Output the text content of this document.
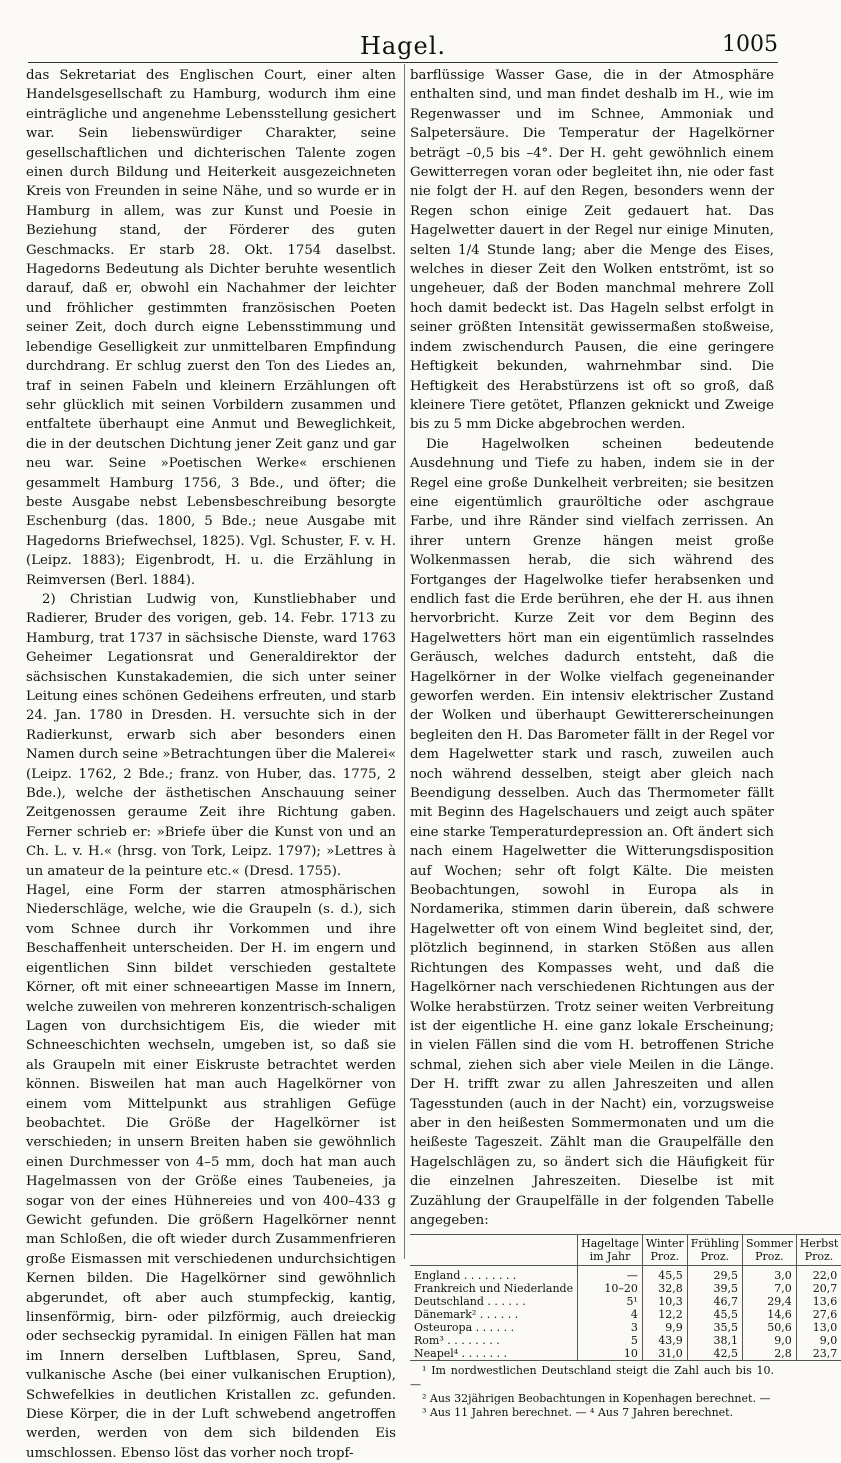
Hagel.	1005

das Sekretariat des Englischen Court, einer alten Handelsgesellschaft zu Hamburg, wodurch ihm eine einträgliche und angenehme Lebensstellung gesichert war. Sein liebenswürdiger Charakter, seine gesellschaftlichen und dichterischen Talente zogen einen durch Bildung und Heiterkeit ausgezeichneten Kreis von Freunden in seine Nähe, und so wurde er in Hamburg in allem, was zur Kunst und Poesie in Beziehung stand, der Förderer des guten Geschmacks. Er starb 28. Okt. 1754 daselbst. Hagedorns Bedeutung als Dichter beruhte wesentlich darauf, daß er, obwohl ein Nachahmer der leichter und fröhlicher gestimmten französischen Poeten seiner Zeit, doch durch eigne Lebensstimmung und lebendige Geselligkeit zur unmittelbaren Empfindung durchdrang. Er schlug zuerst den Ton des Liedes an, traf in seinen Fabeln und kleinern Erzählungen oft sehr glücklich mit seinen Vorbildern zusammen und entfaltete überhaupt eine Anmut und Beweglichkeit, die in der deutschen Dichtung jener Zeit ganz und gar neu war. Seine »Poetischen Werke« erschienen gesammelt Hamburg 1756, 3 Bde., und öfter; die beste Ausgabe nebst Lebensbeschreibung besorgte Eschenburg (das. 1800, 5 Bde.; neue Ausgabe mit Hagedorns Briefwechsel, 1825). Vgl. Schuster, F. v. H. (Leipz. 1883); Eigenbrodt, H. u. die Erzählung in Reimversen (Berl. 1884).

2) Christian Ludwig von, Kunstliebhaber und Radierer, Bruder des vorigen, geb. 14. Febr. 1713 zu Hamburg, trat 1737 in sächsische Dienste, ward 1763 Geheimer Legationsrat und Generaldirektor der sächsischen Kunstakademien, die sich unter seiner Leitung eines schönen Gedeihens erfreuten, und starb 24. Jan. 1780 in Dresden. H. versuchte sich in der Radierkunst, erwarb sich aber besonders einen Namen durch seine »Betrachtungen über die Malerei« (Leipz. 1762, 2 Bde.; franz. von Huber, das. 1775, 2 Bde.), welche der ästhetischen Anschauung seiner Zeitgenossen geraume Zeit ihre Richtung gaben. Ferner schrieb er: »Briefe über die Kunst von und an Ch. L. v. H.« (hrsg. von Tork, Leipz. 1797); »Lettres à un amateur de la peinture etc.« (Dresd. 1755).

Hagel, eine Form der starren atmosphärischen Niederschläge, welche, wie die Graupeln (s. d.), sich vom Schnee durch ihr Vorkommen und ihre Beschaffenheit unterscheiden. Der H. im engern und eigentlichen Sinn bildet verschieden gestaltete Körner, oft mit einer schneeartigen Masse im Innern, welche zuweilen von mehreren konzentrisch-schaligen Lagen von durchsichtigem Eis, die wieder mit Schneeschichten wechseln, umgeben ist, so daß sie als Graupeln mit einer Eiskruste betrachtet werden können. Bisweilen hat man auch Hagelkörner von einem vom Mittelpunkt aus strahligen Gefüge beobachtet. Die Größe der Hagelkörner ist verschieden; in unsern Breiten haben sie gewöhnlich einen Durchmesser von 4–5 mm, doch hat man auch Hagelmassen von der Größe eines Taubeneies, ja sogar von der eines Hühnereies und von 400–433 g Gewicht gefunden. Die größern Hagelkörner nennt man Schloßen, die oft wieder durch Zusammenfrieren große Eismassen mit verschiedenen undurchsichtigen Kernen bilden. Die Hagelkörner sind gewöhnlich abgerundet, oft aber auch stumpfeckig, kantig, linsenförmig, birn- oder pilzförmig, auch dreieckig oder sechseckig pyramidal. In einigen Fällen hat man im Innern derselben Luftblasen, Spreu, Sand, vulkanische Asche (bei einer vulkanischen Eruption), Schwefelkies in deutlichen Kristallen zc. gefunden. Diese Körper, die in der Luft schwebend angetroffen werden, werden von dem sich bildenden Eis umschlossen. Ebenso löst das vorher noch tropf-

barflüssige Wasser Gase, die in der Atmosphäre enthalten sind, und man findet deshalb im H., wie im Regenwasser und im Schnee, Ammoniak und Salpetersäure. Die Temperatur der Hagelkörner beträgt –0,5 bis –4°. Der H. geht gewöhnlich einem Gewitterregen voran oder begleitet ihn, nie oder fast nie folgt der H. auf den Regen, besonders wenn der Regen schon einige Zeit gedauert hat. Das Hagelwetter dauert in der Regel nur einige Minuten, selten 1/4 Stunde lang; aber die Menge des Eises, welches in dieser Zeit den Wolken entströmt, ist so ungeheuer, daß der Boden manchmal mehrere Zoll hoch damit bedeckt ist. Das Hageln selbst erfolgt in seiner größten Intensität gewissermaßen stoßweise, indem zwischendurch Pausen, die eine geringere Heftigkeit bekunden, wahrnehmbar sind. Die Heftigkeit des Herabstürzens ist oft so groß, daß kleinere Tiere getötet, Pflanzen geknickt und Zweige bis zu 5 mm Dicke abgebrochen werden.

Die Hagelwolken scheinen bedeutende Ausdehnung und Tiefe zu haben, indem sie in der Regel eine große Dunkelheit verbreiten; sie besitzen eine eigentümlich grauröltiche oder aschgraue Farbe, und ihre Ränder sind vielfach zerrissen. An ihrer untern Grenze hängen meist große Wolkenmassen herab, die sich während des Fortganges der Hagelwolke tiefer herabsenken und endlich fast die Erde berühren, ehe der H. aus ihnen hervorbricht. Kurze Zeit vor dem Beginn des Hagelwetters hört man ein eigentümlich rasselndes Geräusch, welches dadurch entsteht, daß die Hagelkörner in der Wolke vielfach gegeneinander geworfen werden. Ein intensiv elektrischer Zustand der Wolken und überhaupt Gewittererscheinungen begleiten den H. Das Barometer fällt in der Regel vor dem Hagelwetter stark und rasch, zuweilen auch noch während desselben, steigt aber gleich nach Beendigung desselben. Auch das Thermometer fällt mit Beginn des Hagelschauers und zeigt auch später eine starke Temperaturdepression an. Oft ändert sich nach einem Hagelwetter die Witterungsdisposition auf Wochen; sehr oft folgt Kälte. Die meisten Beobachtungen, sowohl in Europa als in Nordamerika, stimmen darin überein, daß schwere Hagelwetter oft von einem Wind begleitet sind, der, plötzlich beginnend, in starken Stößen aus allen Richtungen des Kompasses weht, und daß die Hagelkörner nach verschiedenen Richtungen aus der Wolke herabstürzen. Trotz seiner weiten Verbreitung ist der eigentliche H. eine ganz lokale Erscheinung; in vielen Fällen sind die vom H. betroffenen Striche schmal, ziehen sich aber viele Meilen in die Länge. Der H. trifft zwar zu allen Jahreszeiten und allen Tagesstunden (auch in der Nacht) ein, vorzugsweise aber in den heißesten Sommermonaten und um die heißeste Tageszeit. Zählt man die Graupelfälle den Hagelschlägen zu, so ändert sich die Häufigkeit für die einzelnen Jahreszeiten. Dieselbe ist mit Zuzählung der Graupelfälle in der folgenden Tabelle angegeben:

	Hageltage im Jahr	Winter Proz.	Frühling Proz.	Sommer Proz.	Herbst Proz.
England . . . . . . . .	—	45,5	29,5	3,0	22,0
Frankreich und Niederlande	10–20	32,8	39,5	7,0	20,7
Deutschland . . . . . .	5¹	10,3	46,7	29,4	13,6
Dänemark² . . . . . .	4	12,2	45,5	14,6	27,6
Osteuropa . . . . . .	3	9,9	35,5	50,6	13,0
Rom³ . . . . . . . .	5	43,9	38,1	9,0	9,0
Neapel⁴ . . . . . . .	10	31,0	42,5	2,8	23,7
¹ Im nordwestlichen Deutschland steigt die Zahl auch bis 10. —
² Aus 32jährigen Beobachtungen in Kopenhagen berechnet. —
³ Aus 11 Jahren berechnet. — ⁴ Aus 7 Jahren berechnet.
